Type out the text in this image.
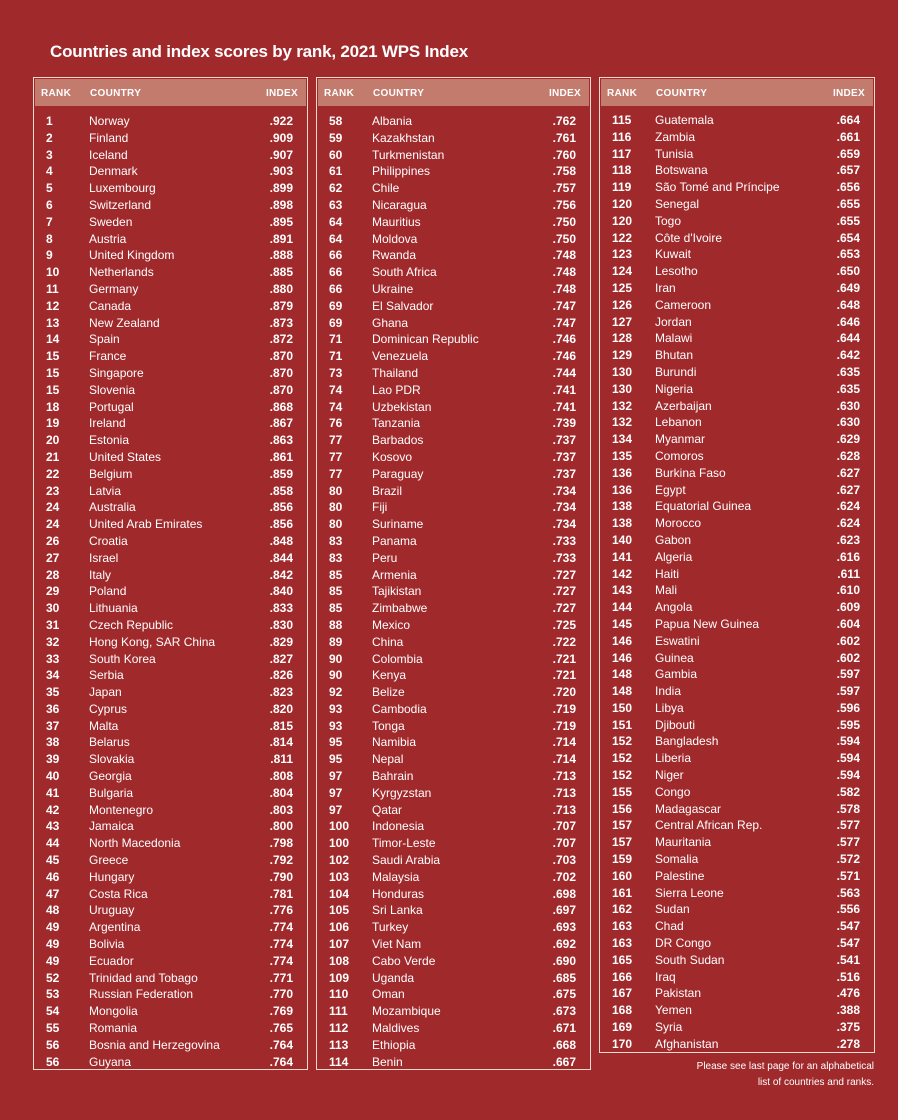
Countries and index scores by rank, 2021 WPS Index
RANK COUNTRY	INDEX
1	Norway	.922
2	Finland	.909
3	Iceland	.907
4	Denmark	.903
5	Luxembourg	.899
6	Switzerland	.898
7	Sweden	.895
8	Austria	.891
9	United Kingdom	.888
10 Netherlands	.885
11	Germany	.880
12 Canada	.879
13 New Zealand	.873
14 Spain	.872
15 France	.870
15 Singapore	.870
15 Slovenia	.870
18 Portugal	.868
19 Ireland	.867
20 Estonia	.863
21 United States	.861
22 Belgium	.859
23 Latvia	.858
24 Australia	.856
24 United Arab Emirates	.856
26 Croatia	.848
27 Israel	.844
28 Italy	.842
29 Poland	.840
30 Lithuania	.833
31 Czech Republic	.830
32 Hong Kong, SAR China	.829
33 South Korea	.827
34 Serbia	.826
35 Japan	.823
36 Cyprus	.820
37 Malta	.815
38 Belarus	.814
39 Slovakia	.811
40 Georgia	.808
41 Bulgaria	.804
42 Montenegro	.803
43 Jamaica	.800
44 North Macedonia	.798
45 Greece	.792
46 Hungary	.790
47 Costa Rica	.781
48 Uruguay	.776
49 Argentina	.774
49 Bolivia	.774
49 Ecuador	.774
52 Trinidad and Tobago	.771
53 Russian Federation	.770
54 Mongolia	.769
55 Romania	.765
56 Bosnia and Herzegovina	.764
56 Guyana	.764
RANK COUNTRY	INDEX
58 Albania	.762
59 Kazakhstan	.761
60 Turkmenistan	.760
61 Philippines	.758
62 Chile	.757
63 Nicaragua	.756
64 Mauritius	.750
64 Moldova	.750
66 Rwanda	.748
66 South Africa	.748
66 Ukraine	.748
69 El Salvador	.747
69 Ghana	.747
71 Dominican Republic	.746
71 Venezuela	.746
73 Thailand	.744
74 Lao PDR	.741
74 Uzbekistan	.741
76 Tanzania	.739
77 Barbados	.737
77 Kosovo	.737
77 Paraguay	.737
80 Brazil	.734
80 Fiji	.734
80 Suriname	.734
83 Panama	.733
83 Peru	.733
85 Armenia	.727
85 Tajikistan	.727
85 Zimbabwe	.727
88 Mexico	.725
89 China	.722
90 Colombia	.721
90 Kenya	.721
92 Belize	.720
93 Cambodia	.719
93 Tonga	.719
95 Namibia	.714
95 Nepal	.714
97 Bahrain	.713
97 Kyrgyzstan	.713
97 Qatar	.713
100 Indonesia	.707
100 Timor-Leste	.707
102 Saudi Arabia	.703
103 Malaysia	.702
104 Honduras	.698
105 Sri Lanka	.697
106 Turkey	.693
107 Viet Nam	.692
108 Cabo Verde	.690
109 Uganda	.685
110 Oman	.675
111 Mozambique	.673
112 Maldives	.671
113 Ethiopia	.668
114 Benin	.667
RANK COUNTRY	INDEX
115 Guatemala	.664
116 Zambia	.661
117 Tunisia	.659
118 Botswana	.657
119 São Tomé and Príncipe	.656
120 Senegal	.655
120 Togo	.655
122 Côte d'Ivoire	.654
123 Kuwait	.653
124 Lesotho	.650
125 Iran	.649
126 Cameroon	.648
127 Jordan	.646
128 Malawi	.644
129 Bhutan	.642
130 Burundi	.635
130 Nigeria	.635
132 Azerbaijan	.630
132 Lebanon	.630
134 Myanmar	.629
135 Comoros	.628
136 Burkina Faso	.627
136 Egypt	.627
138 Equatorial Guinea	.624
138 Morocco	.624
140 Gabon	.623
141 Algeria	.616
142 Haiti	.611
143 Mali	.610
144 Angola	.609
145 Papua New Guinea	.604
146 Eswatini	.602
146 Guinea	.602
148 Gambia	.597
148 India	.597
150 Libya	.596
151 Djibouti	.595
152 Bangladesh	.594
152 Liberia	.594
152 Niger	.594
155 Congo	.582
156 Madagascar	.578
157 Central African Rep.	.577
157 Mauritania	.577
159 Somalia	.572
160 Palestine	.571
161 Sierra Leone	.563
162 Sudan	.556
163 Chad	.547
163 DR Congo	.547
165 South Sudan	.541
166 Iraq	.516
167 Pakistan	.476
168 Yemen	.388
169 Syria	.375
170 Afghanistan	.278
Please see last page for an alphabetical
list of countries and ranks.
